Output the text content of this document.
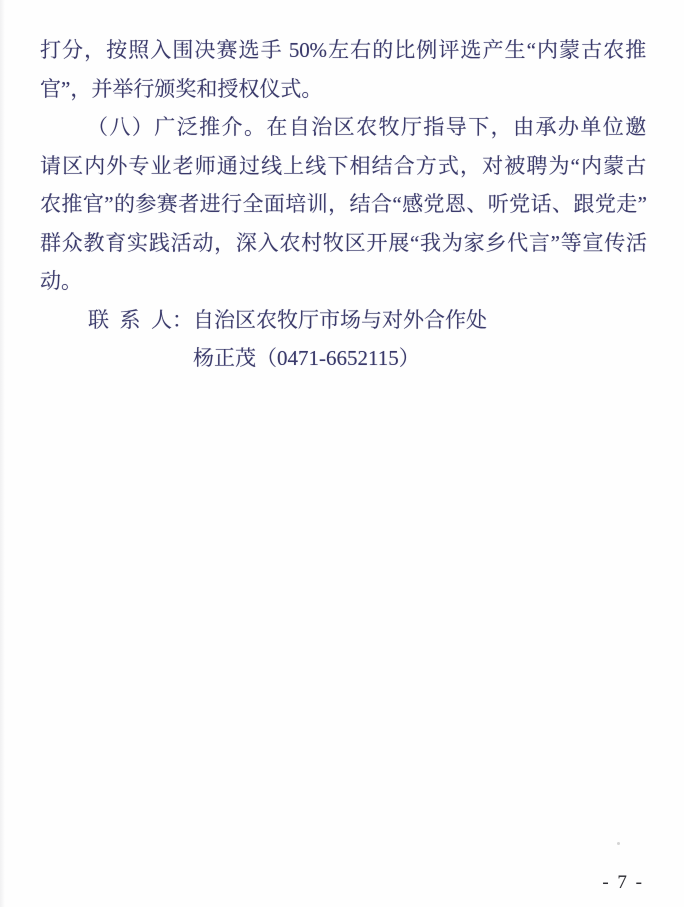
打分，按照入围决赛选手 50%左右的比例评选产生“内蒙古农推
官”，并举行颁奖和授权仪式。
（八）广泛推介。在自治区农牧厅指导下，由承办单位邀
请区内外专业老师通过线上线下相结合方式，对被聘为“内蒙古
农推官”的参赛者进行全面培训，结合“感党恩、听党话、跟党走”
群众教育实践活动，深入农村牧区开展“我为家乡代言”等宣传活
动。
联 系 人：自治区农牧厅市场与对外合作处
杨正茂（0471-6652115）
- 7 -
